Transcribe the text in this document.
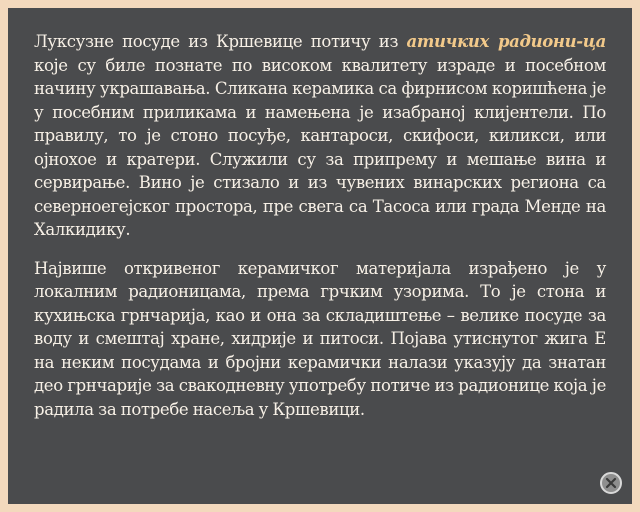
Луксузне посуде из Кршевице потичу из атичких радиони-ца које су биле познате по високом квалитету израде и посебном начину украшавања. Сликана керамика са фирнисом коришћена је у посебним приликама и намењена је изабраној клијентели. По правилу, то је стоно посуђе, кантароси, скифоси, киликси, или ојнохое и кратери. Служили су за припрему и мешање вина и сервирање. Вино је стизало и из чувених винарских региона са северноегејског простора, пре свега са Тасоса или града Менде на Халкидику.

Највише откривеног керамичког материјала израђено је у локалним радионицама, према грчким узорима. То је стона и кухињска грнчарија, као и она за складиштење – велике посуде за воду и смештај хране, хидрије и питоси. Појава утиснутог жига Е на неким посудама и бројни керамички налази указују да знатан део грнчарије за свакодневну употребу потиче из радионице која је радила за потребе насеља у Кршевици.
